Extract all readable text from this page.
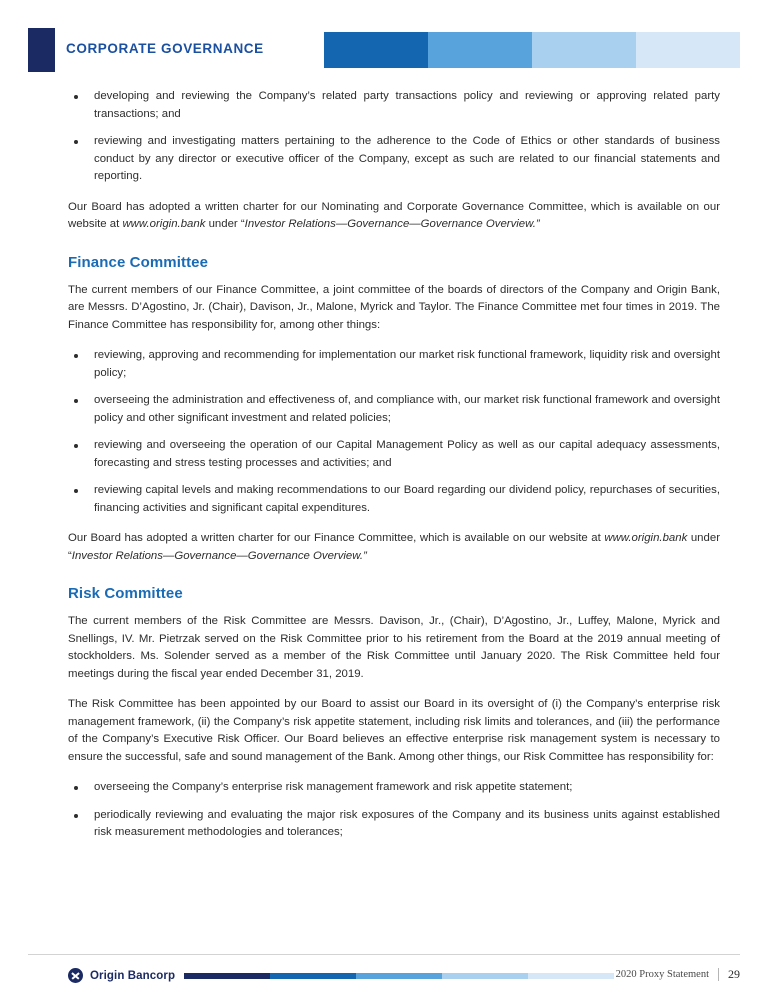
CORPORATE GOVERNANCE
developing and reviewing the Company’s related party transactions policy and reviewing or approving related party transactions; and
reviewing and investigating matters pertaining to the adherence to the Code of Ethics or other standards of business conduct by any director or executive officer of the Company, except as such are related to our financial statements and reporting.

Our Board has adopted a written charter for our Nominating and Corporate Governance Committee, which is available on our website at www.origin.bank under “Investor Relations—Governance—Governance Overview.”

Finance Committee

The current members of our Finance Committee, a joint committee of the boards of directors of the Company and Origin Bank, are Messrs. D’Agostino, Jr. (Chair), Davison, Jr., Malone, Myrick and Taylor. The Finance Committee met four times in 2019. The Finance Committee has responsibility for, among other things:

reviewing, approving and recommending for implementation our market risk functional framework, liquidity risk and oversight policy;
overseeing the administration and effectiveness of, and compliance with, our market risk functional framework and oversight policy and other significant investment and related policies;
reviewing and overseeing the operation of our Capital Management Policy as well as our capital adequacy assessments, forecasting and stress testing processes and activities; and
reviewing capital levels and making recommendations to our Board regarding our dividend policy, repurchases of securities, financing activities and significant capital expenditures.

Our Board has adopted a written charter for our Finance Committee, which is available on our website at www.origin.bank under “Investor Relations—Governance—Governance Overview.”

Risk Committee

The current members of the Risk Committee are Messrs. Davison, Jr., (Chair), D’Agostino, Jr., Luffey, Malone, Myrick and Snellings, IV. Mr. Pietrzak served on the Risk Committee prior to his retirement from the Board at the 2019 annual meeting of stockholders. Ms. Solender served as a member of the Risk Committee until January 2020. The Risk Committee held four meetings during the fiscal year ended December 31, 2019.

The Risk Committee has been appointed by our Board to assist our Board in its oversight of (i) the Company’s enterprise risk management framework, (ii) the Company’s risk appetite statement, including risk limits and tolerances, and (iii) the performance of the Company’s Executive Risk Officer. Our Board believes an effective enterprise risk management system is necessary to ensure the successful, safe and sound management of the Bank. Among other things, our Risk Committee has responsibility for:

overseeing the Company’s enterprise risk management framework and risk appetite statement;
periodically reviewing and evaluating the major risk exposures of the Company and its business units against established risk measurement methodologies and tolerances;
Origin Bancorp	2020 Proxy Statement 29
